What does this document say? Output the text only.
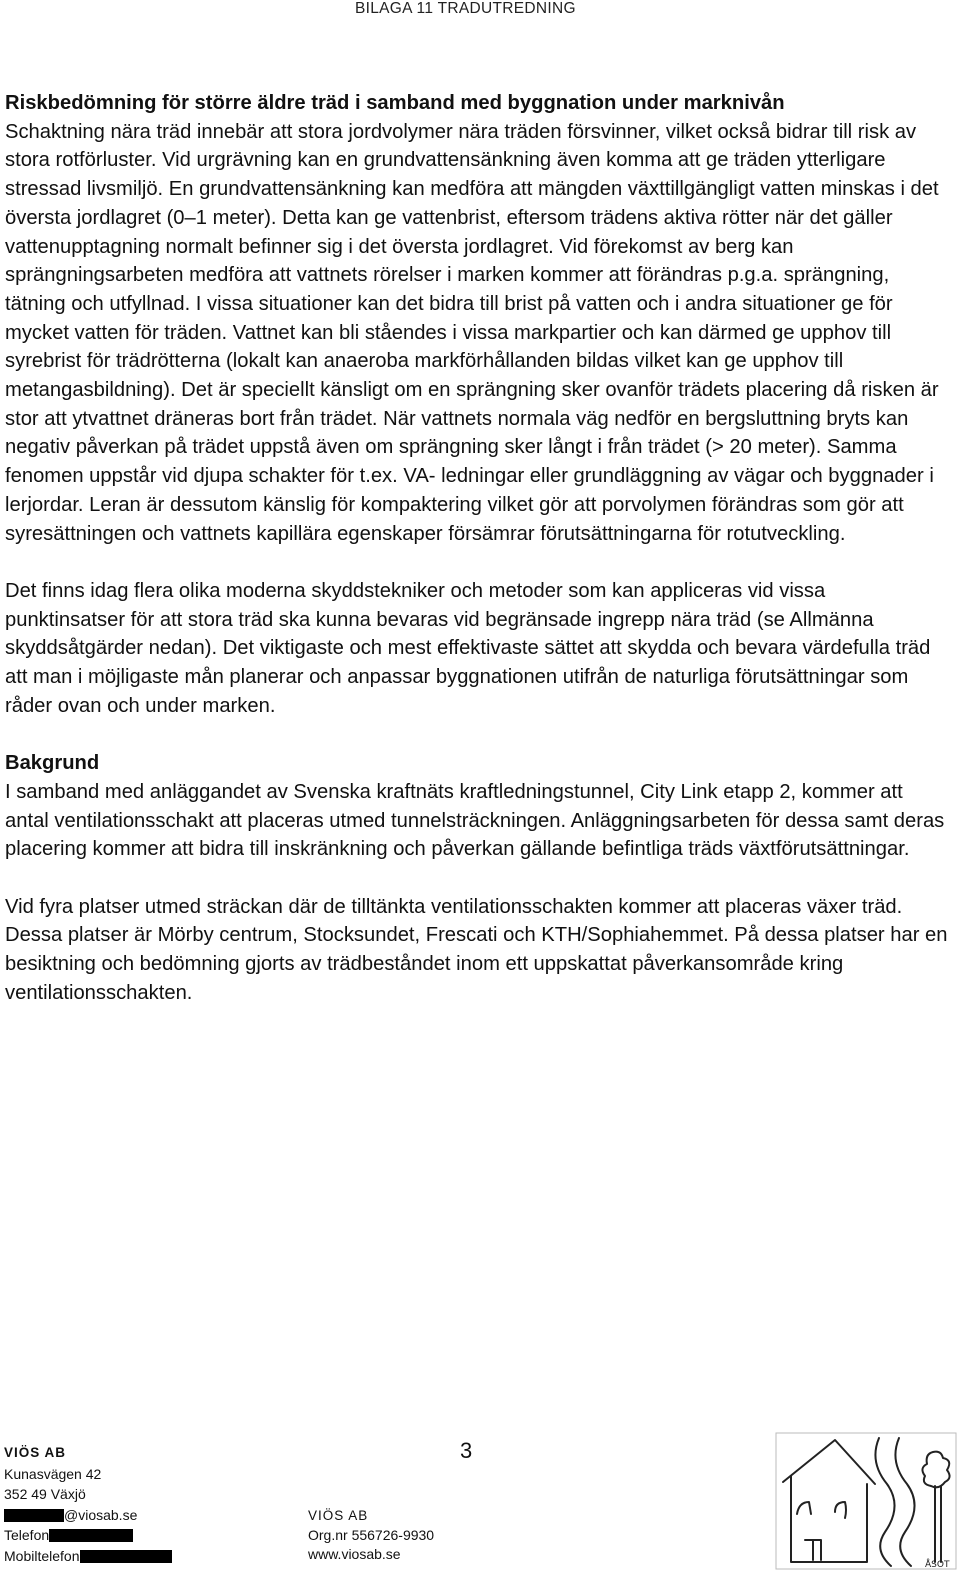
BILAGA 11 TRADUTREDNING

Riskbedömning för större äldre träd i samband med byggnation under marknivån
Schaktning nära träd innebär att stora jordvolymer nära träden försvinner, vilket också bidrar till risk av stora rotförluster. Vid urgrävning kan en grundvattensänkning även komma att ge träden ytterligare stressad livsmiljö. En grundvattensänkning kan medföra att mängden växttillgängligt vatten minskas i det översta jordlagret (0–1 meter). Detta kan ge vattenbrist, eftersom trädens aktiva rötter när det gäller vattenupptagning normalt befinner sig i det översta jordlagret. Vid förekomst av berg kan sprängningsarbeten medföra att vattnets rörelser i marken kommer att förändras p.g.a. sprängning, tätning och utfyllnad. I vissa situationer kan det bidra till brist på vatten och i andra situationer ge för mycket vatten för träden. Vattnet kan bli ståendes i vissa markpartier och kan därmed ge upphov till syrebrist för trädrötterna (lokalt kan anaeroba markförhållanden bildas vilket kan ge upphov till metangasbildning). Det är speciellt känsligt om en sprängning sker ovanför trädets placering då risken är stor att ytvattnet dräneras bort från trädet. När vattnets normala väg nedför en bergsluttning bryts kan negativ påverkan på trädet uppstå även om sprängning sker långt i från trädet (> 20 meter). Samma fenomen uppstår vid djupa schakter för t.ex. VA- ledningar eller grundläggning av vägar och byggnader i lerjordar. Leran är dessutom känslig för kompaktering vilket gör att porvolymen förändras som gör att syresättningen och vattnets kapillära egenskaper försämrar förutsättningarna för rotutveckling.

Det finns idag flera olika moderna skyddstekniker och metoder som kan appliceras vid vissa punktinsatser för att stora träd ska kunna bevaras vid begränsade ingrepp nära träd (se Allmänna skyddsåtgärder nedan). Det viktigaste och mest effektivaste sättet att skydda och bevara värdefulla träd att man i möjligaste mån planerar och anpassar byggnationen utifrån de naturliga förutsättningar som råder ovan och under marken.

Bakgrund
I samband med anläggandet av Svenska kraftnäts kraftledningstunnel, City Link etapp 2, kommer att antal ventilationsschakt att placeras utmed tunnelsträckningen. Anläggningsarbeten för dessa samt deras placering kommer att bidra till inskränkning och påverkan gällande befintliga träds växtförutsättningar.

Vid fyra platser utmed sträckan där de tilltänkta ventilationsschakten kommer att placeras växer träd. Dessa platser är Mörby centrum, Stocksundet, Frescati och KTH/Sophiahemmet. På dessa platser har en besiktning och bedömning gjorts av trädbeståndet inom ett uppskattat påverkansområde kring ventilationsschakten.

VIÖS AB
Kunasvägen 42
352 49 Växjö
@viosab.se
Telefon
Mobiltelefon
3
VIÖS AB
Org.nr 556726-9930
www.viosab.se
ÅSOT
